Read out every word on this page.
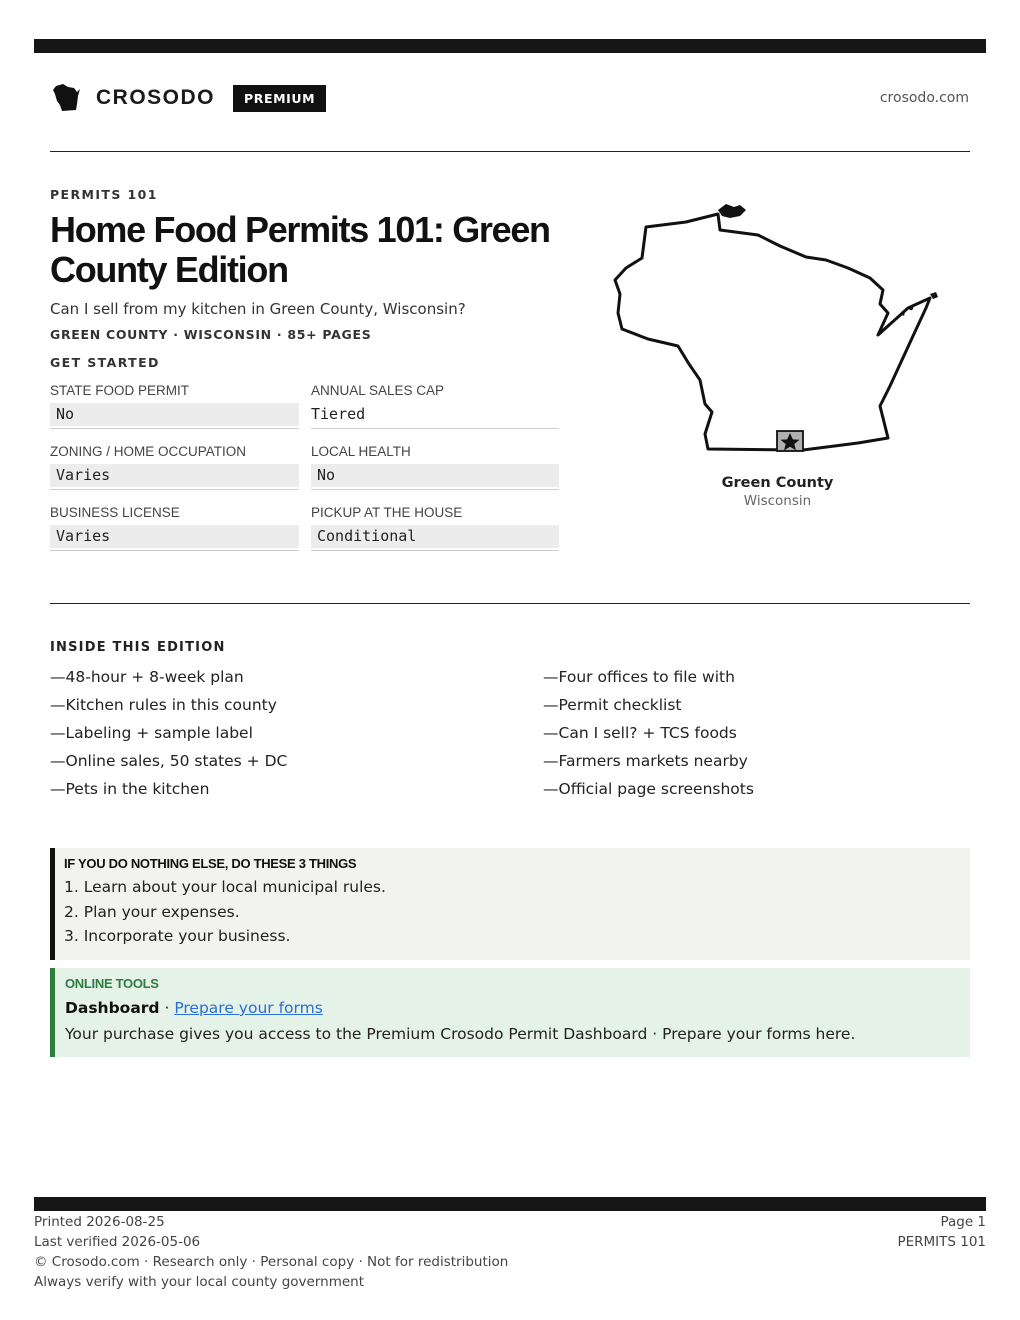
CROSODO	PREMIUM	crosodo.com
PERMITS 101
Home Food Permits 101: Green County Edition
Can I sell from my kitchen in Green County, Wisconsin?
GREEN COUNTY · WISCONSIN · 85+ PAGES
GET STARTED
STATE FOOD PERMIT
No
ANNUAL SALES CAP
Tiered
ZONING / HOME OCCUPATION
Varies
LOCAL HEALTH
No
BUSINESS LICENSE
Varies
PICKUP AT THE HOUSE
Conditional
Green County
Wisconsin
INSIDE THIS EDITION
—48-hour + 8-week plan
—Kitchen rules in this county
—Labeling + sample label
—Online sales, 50 states + DC
—Pets in the kitchen
—Four offices to file with
—Permit checklist
—Can I sell? + TCS foods
—Farmers markets nearby
—Official page screenshots
IF YOU DO NOTHING ELSE, DO THESE 3 THINGS
1. Learn about your local municipal rules.
2. Plan your expenses.
3. Incorporate your business.
ONLINE TOOLS
Dashboard · Prepare your forms
Your purchase gives you access to the Premium Crosodo Permit Dashboard · Prepare your forms here.
Printed 2026-08-25
Last verified 2026-05-06
© Crosodo.com · Research only · Personal copy · Not for redistribution
Always verify with your local county government
Page 1
PERMITS 101
